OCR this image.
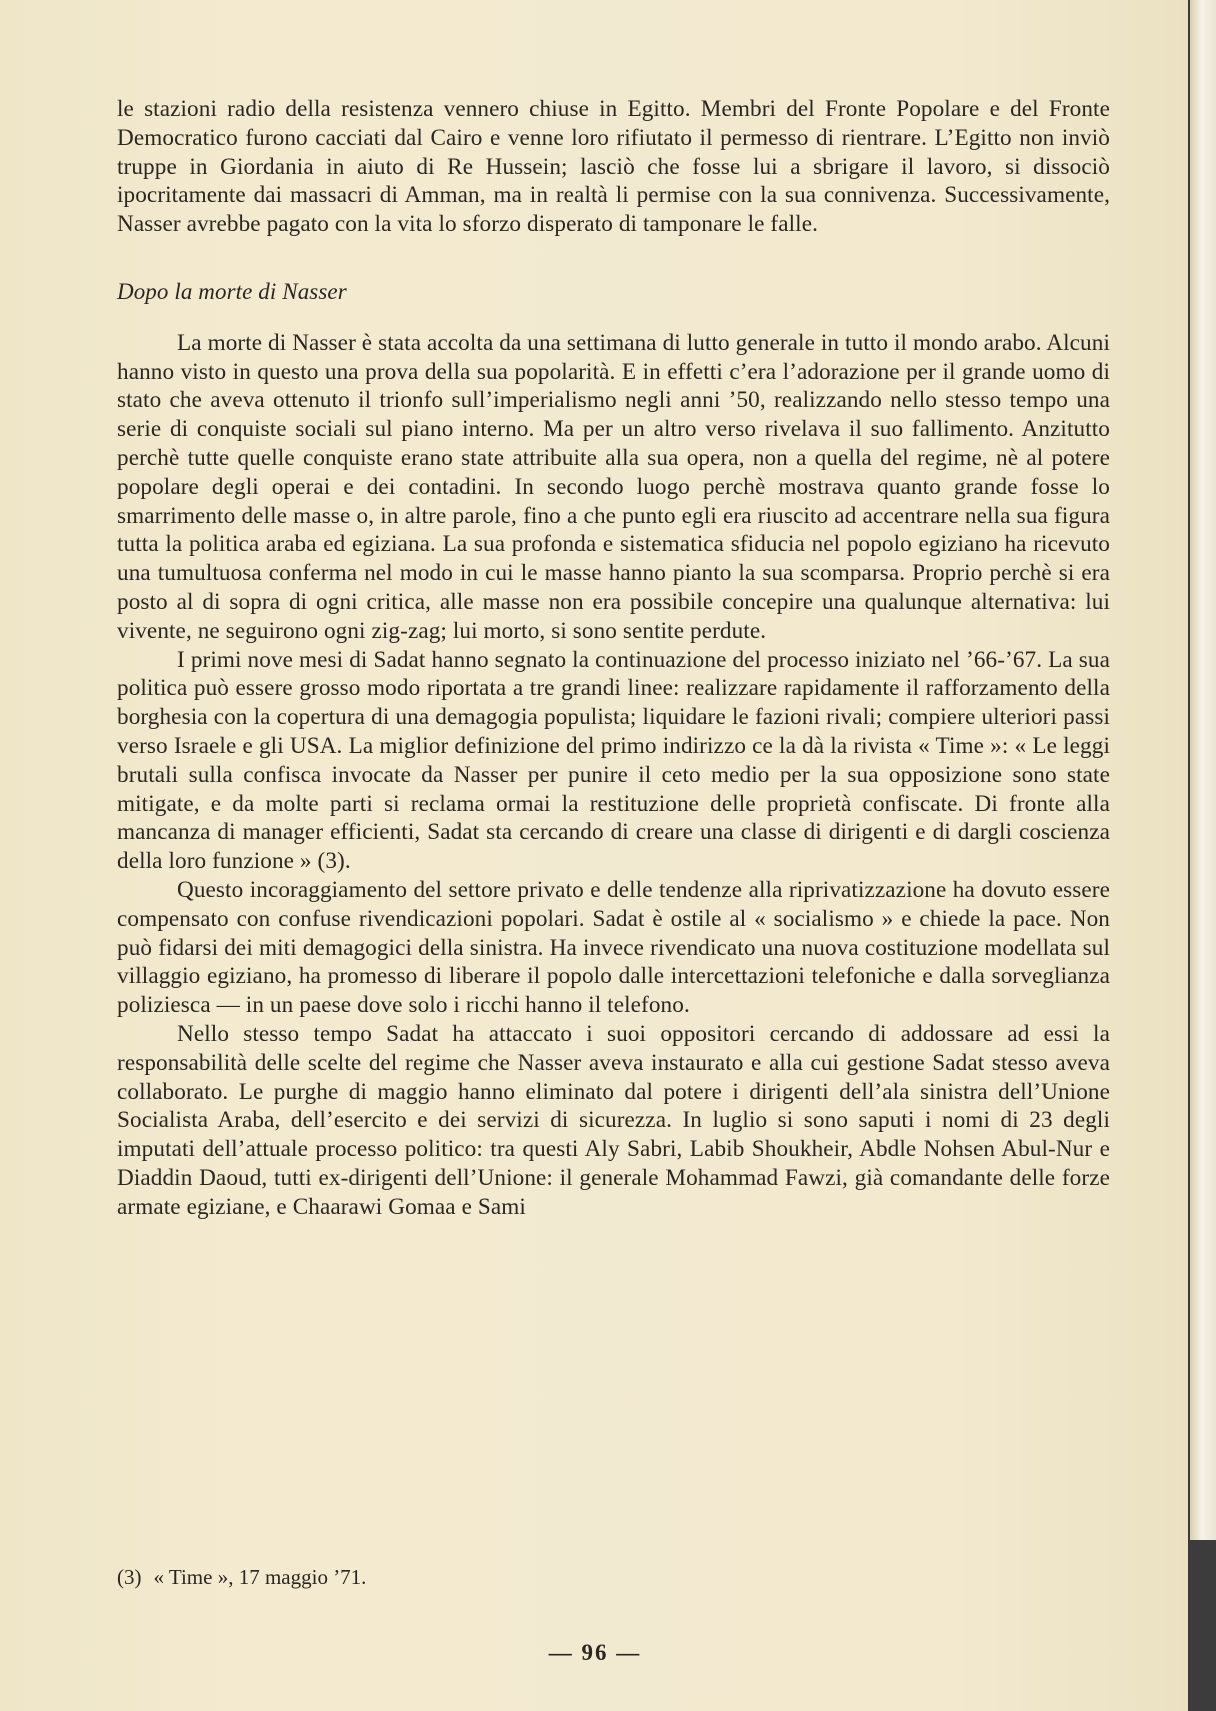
le stazioni radio della resistenza vennero chiuse in Egitto. Membri del Fronte Popolare e del Fronte Democratico furono cacciati dal Cairo e venne loro rifiutato il permesso di rientrare. L’Egitto non inviò truppe in Giordania in aiuto di Re Hussein; lasciò che fosse lui a sbrigare il lavoro, si dissociò ipocritamente dai massacri di Amman, ma in realtà li permise con la sua connivenza. Successivamente, Nasser avrebbe pagato con la vita lo sforzo disperato di tamponare le falle.

Dopo la morte di Nasser

La morte di Nasser è stata accolta da una settimana di lutto generale in tutto il mondo arabo. Alcuni hanno visto in questo una prova della sua popolarità. E in effetti c’era l’adorazione per il grande uomo di stato che aveva ottenuto il trionfo sull’imperialismo negli anni ’50, realizzando nello stesso tempo una serie di conquiste sociali sul piano interno. Ma per un altro verso rivelava il suo fallimento. Anzitutto perchè tutte quelle conquiste erano state attribuite alla sua opera, non a quella del regime, nè al potere popolare degli operai e dei contadini. In secondo luogo perchè mostrava quanto grande fosse lo smarrimento delle masse o, in altre parole, fino a che punto egli era riuscito ad accentrare nella sua figura tutta la politica araba ed egiziana. La sua profonda e sistematica sfiducia nel popolo egiziano ha ricevuto una tumultuosa conferma nel modo in cui le masse hanno pianto la sua scomparsa. Proprio perchè si era posto al di sopra di ogni critica, alle masse non era possibile concepire una qualunque alternativa: lui vivente, ne seguirono ogni zig-zag; lui morto, si sono sentite perdute.

I primi nove mesi di Sadat hanno segnato la continuazione del processo iniziato nel ’66-’67. La sua politica può essere grosso modo riportata a tre grandi linee: realizzare rapidamente il rafforzamento della borghesia con la copertura di una demagogia populista; liquidare le fazioni rivali; compiere ulteriori passi verso Israele e gli USA. La miglior definizione del primo indirizzo ce la dà la rivista « Time »: « Le leggi brutali sulla confisca invocate da Nasser per punire il ceto medio per la sua opposizione sono state mitigate, e da molte parti si reclama ormai la restituzione delle proprietà confiscate. Di fronte alla mancanza di manager efficienti, Sadat sta cercando di creare una classe di dirigenti e di dargli coscienza della loro funzione » (3).

Questo incoraggiamento del settore privato e delle tendenze alla riprivatizzazione ha dovuto essere compensato con confuse rivendicazioni popolari. Sadat è ostile al « socialismo » e chiede la pace. Non può fidarsi dei miti demagogici della sinistra. Ha invece rivendicato una nuova costituzione modellata sul villaggio egiziano, ha promesso di liberare il popolo dalle intercettazioni telefoniche e dalla sorveglianza poliziesca — in un paese dove solo i ricchi hanno il telefono.

Nello stesso tempo Sadat ha attaccato i suoi oppositori cercando di addossare ad essi la responsabilità delle scelte del regime che Nasser aveva instaurato e alla cui gestione Sadat stesso aveva collaborato. Le purghe di maggio hanno eliminato dal potere i dirigenti dell’ala sinistra dell’Unione Socialista Araba, dell’esercito e dei servizi di sicurezza. In luglio si sono saputi i nomi di 23 degli imputati dell’attuale processo politico: tra questi Aly Sabri, Labib Shoukheir, Abdle Nohsen Abul-Nur e Diaddin Daoud, tutti ex-dirigenti dell’Unione: il generale Mohammad Fawzi, già comandante delle forze armate egiziane, e Chaarawi Gomaa e Sami

(3) « Time », 17 maggio ’71.
— 96 —
